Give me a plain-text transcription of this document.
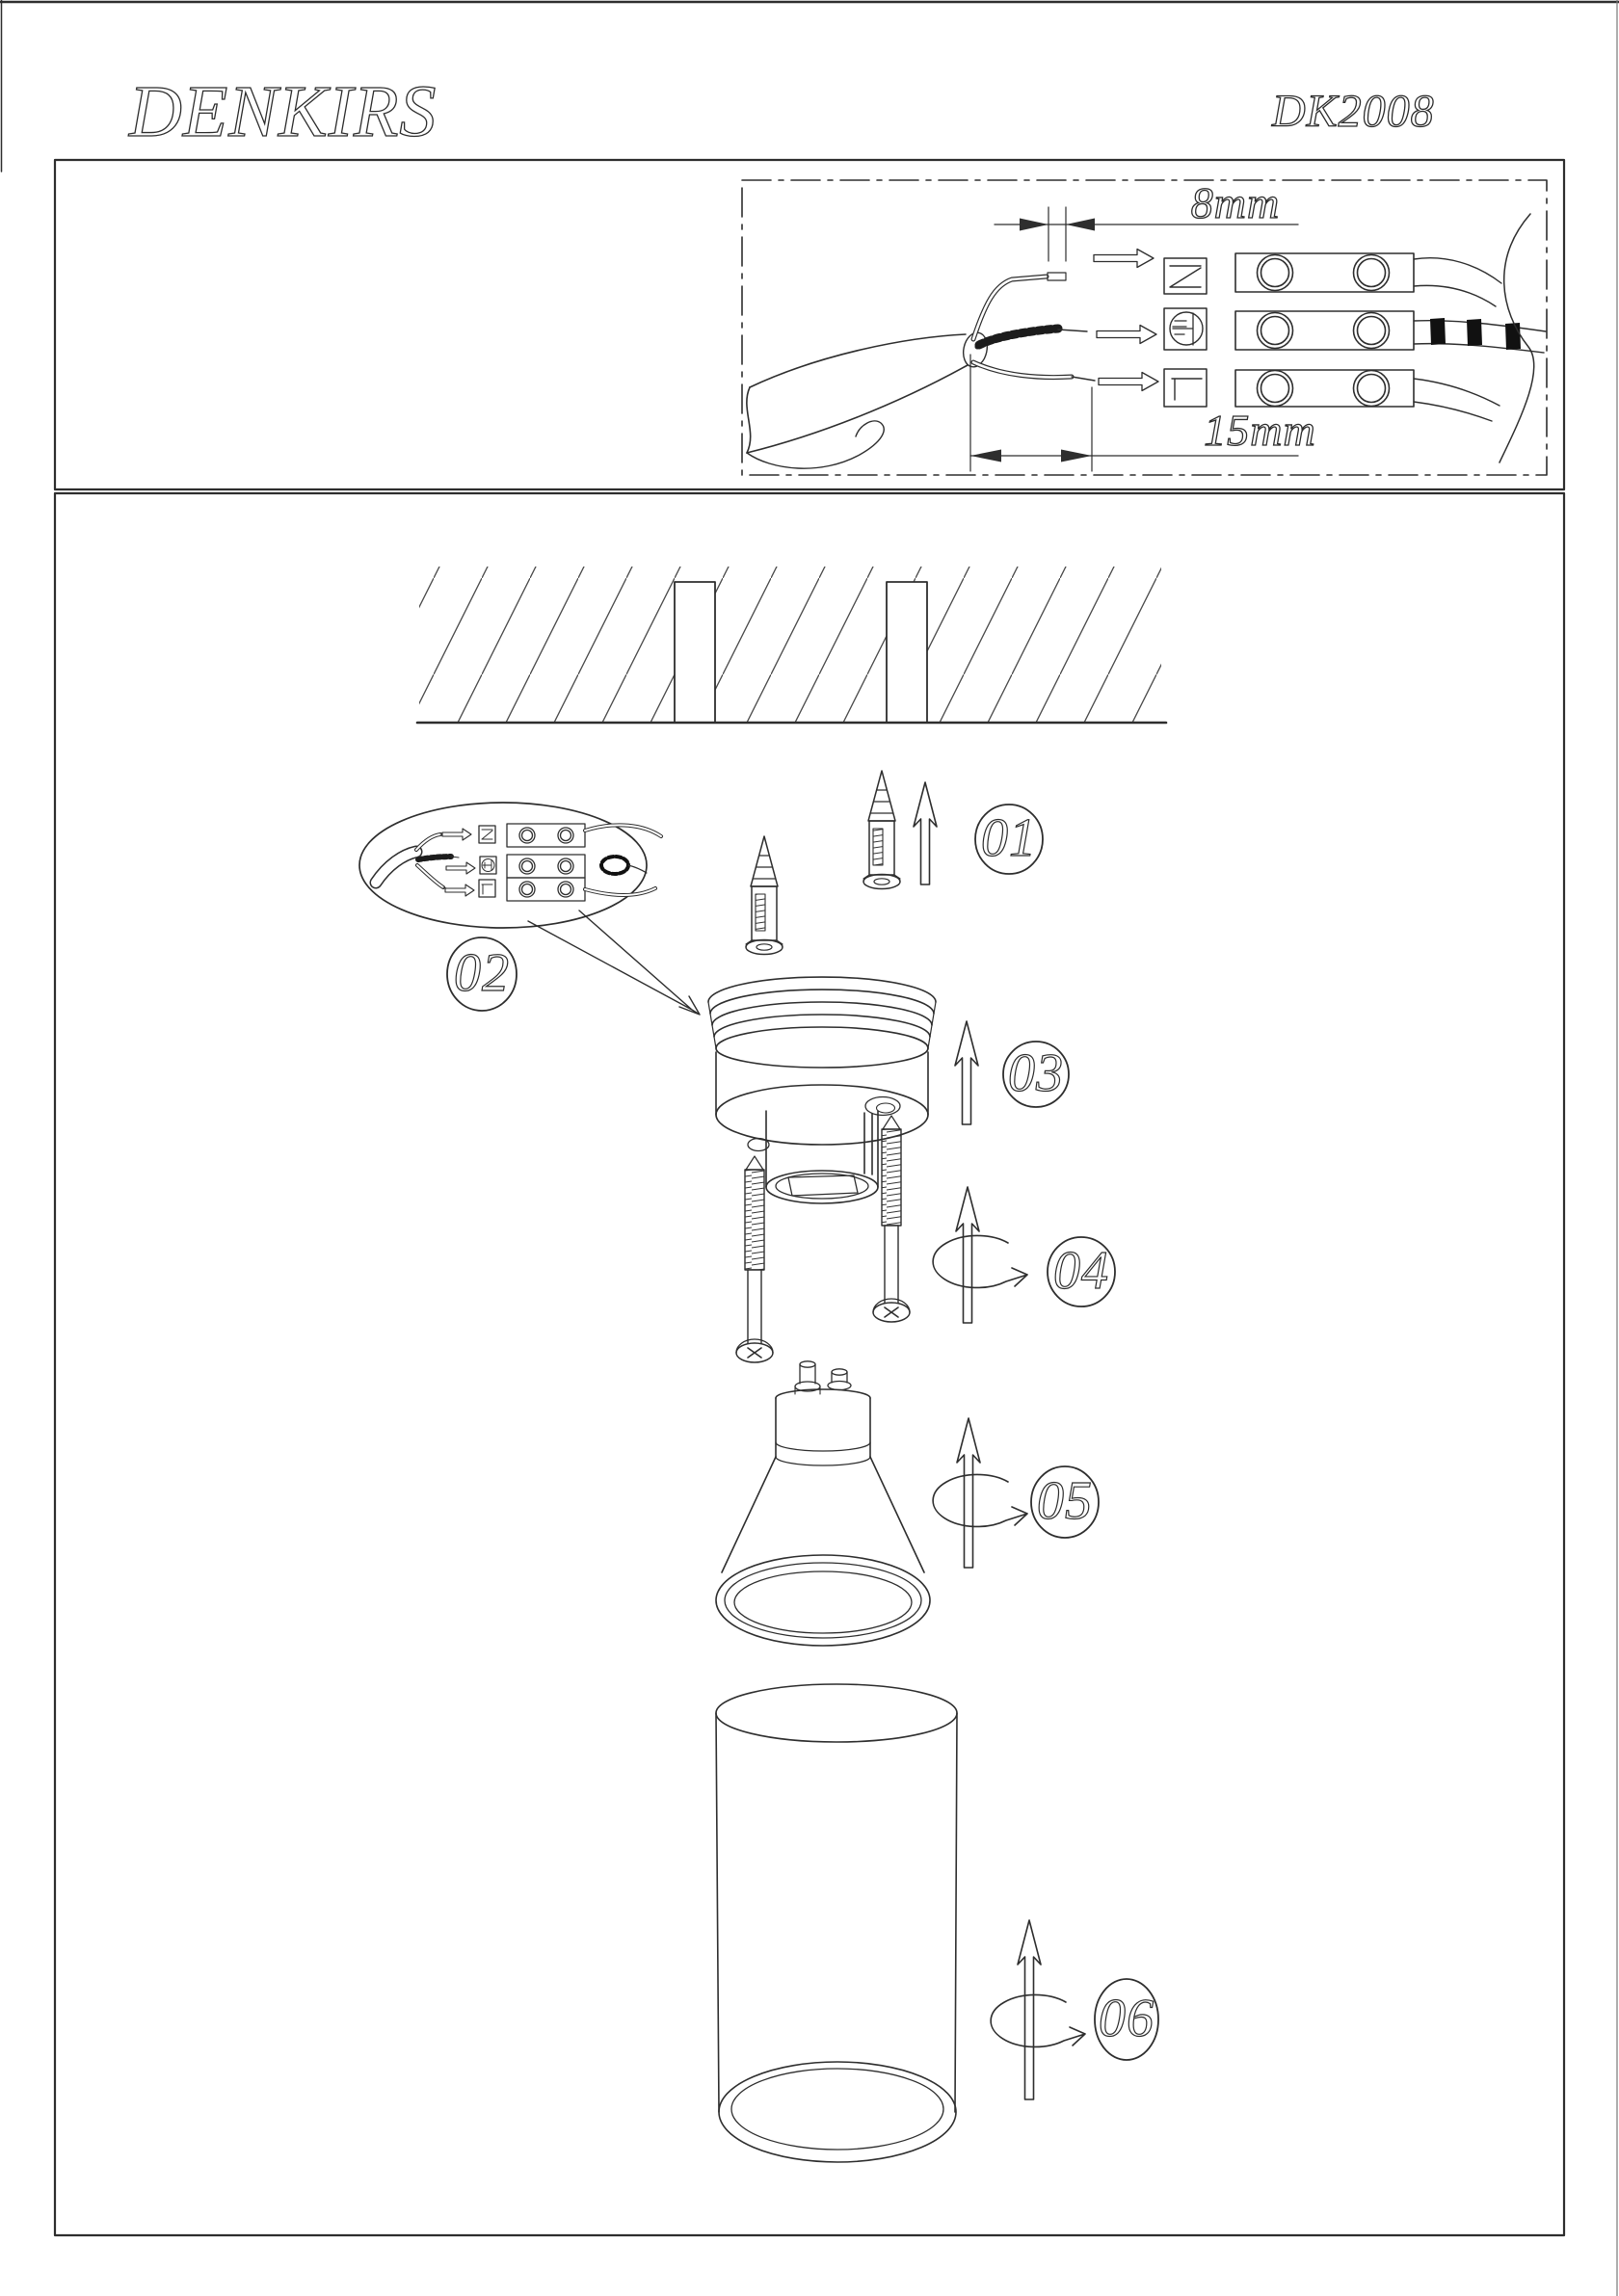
DENKIRS	DK2008
8mm
15mm
01
02
03
04
05
06
